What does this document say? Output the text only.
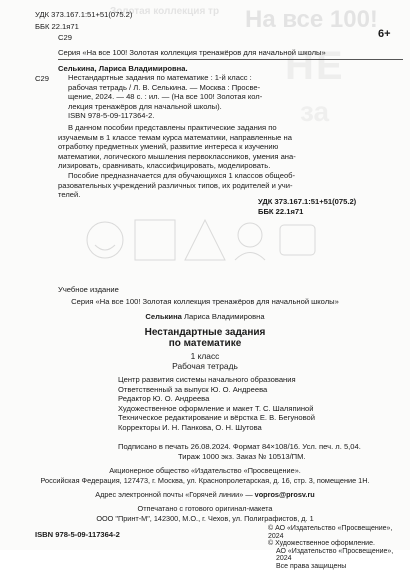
Золотая коллекция тр На все 100!
НЕ
за
УДК 373.167.1:51+51(075.2)
ББК 22.1я71
С29	6+
Серия «На все 100! Золотая коллекция тренажёров для начальной школы»
Селькина, Лариса Владимировна.
С29	Нестандартные задания по математике : 1-й класс :
рабочая тетрадь / Л. В. Селькина. — Москва : Просве-
щение, 2024. — 48 с. : ил. — (На все 100! Золотая кол-
лекция тренажёров для начальной школы).
ISBN 978-5-09-117364-2.
В данном пособии представлены практические задания по
изучаемым в 1 классе темам курса математики, направленные на
отработку предметных умений, развитие интереса к изучению
математики, логического мышления первоклассников, умения ана-
лизировать, сравнивать, классифицировать, моделировать.
Пособие предназначается для обучающихся 1 классов общеоб-
разовательных учреждений различных типов, их родителей и учи-
телей.
УДК 373.167.1:51+51(075.2)
ББК 22.1я71
Учебное издание
Серия «На все 100! Золотая коллекция тренажёров для начальной школы»
Селькина Лариса Владимировна
Нестандартные задания
по математике
1 класс
Рабочая тетрадь
Центр развития системы начального образования
Ответственный за выпуск Ю. О. Андреева
Редактор Ю. О. Андреева
Художественное оформление и макет Т. С. Шаляпиной
Техническое редактирование и вёрстка Е. В. Бегуновой
Корректоры И. Н. Панкова, О. Н. Шутова
Подписано в печать 26.08.2024. Формат 84×108/16. Усл. печ. л. 5,04.
Тираж 1000 экз. Заказ № 10513/ПМ.
Акционерное общество «Издательство «Просвещение».
Российская Федерация, 127473, г. Москва, ул. Краснопролетарская, д. 16, стр. 3, помещение 1Н.
Адрес электронной почты «Горячей линии» — vopros@prosv.ru
Отпечатано с готового оригинал-макета
ООО "Принт-М", 142300, М.О., г. Чехов, ул. Полиграфистов, д. 1
ISBN 978-5-09-117364-2
© АО «Издательство «Просвещение», 2024
© Художественное оформление.
АО «Издательство «Просвещение», 2024
Все права защищены
